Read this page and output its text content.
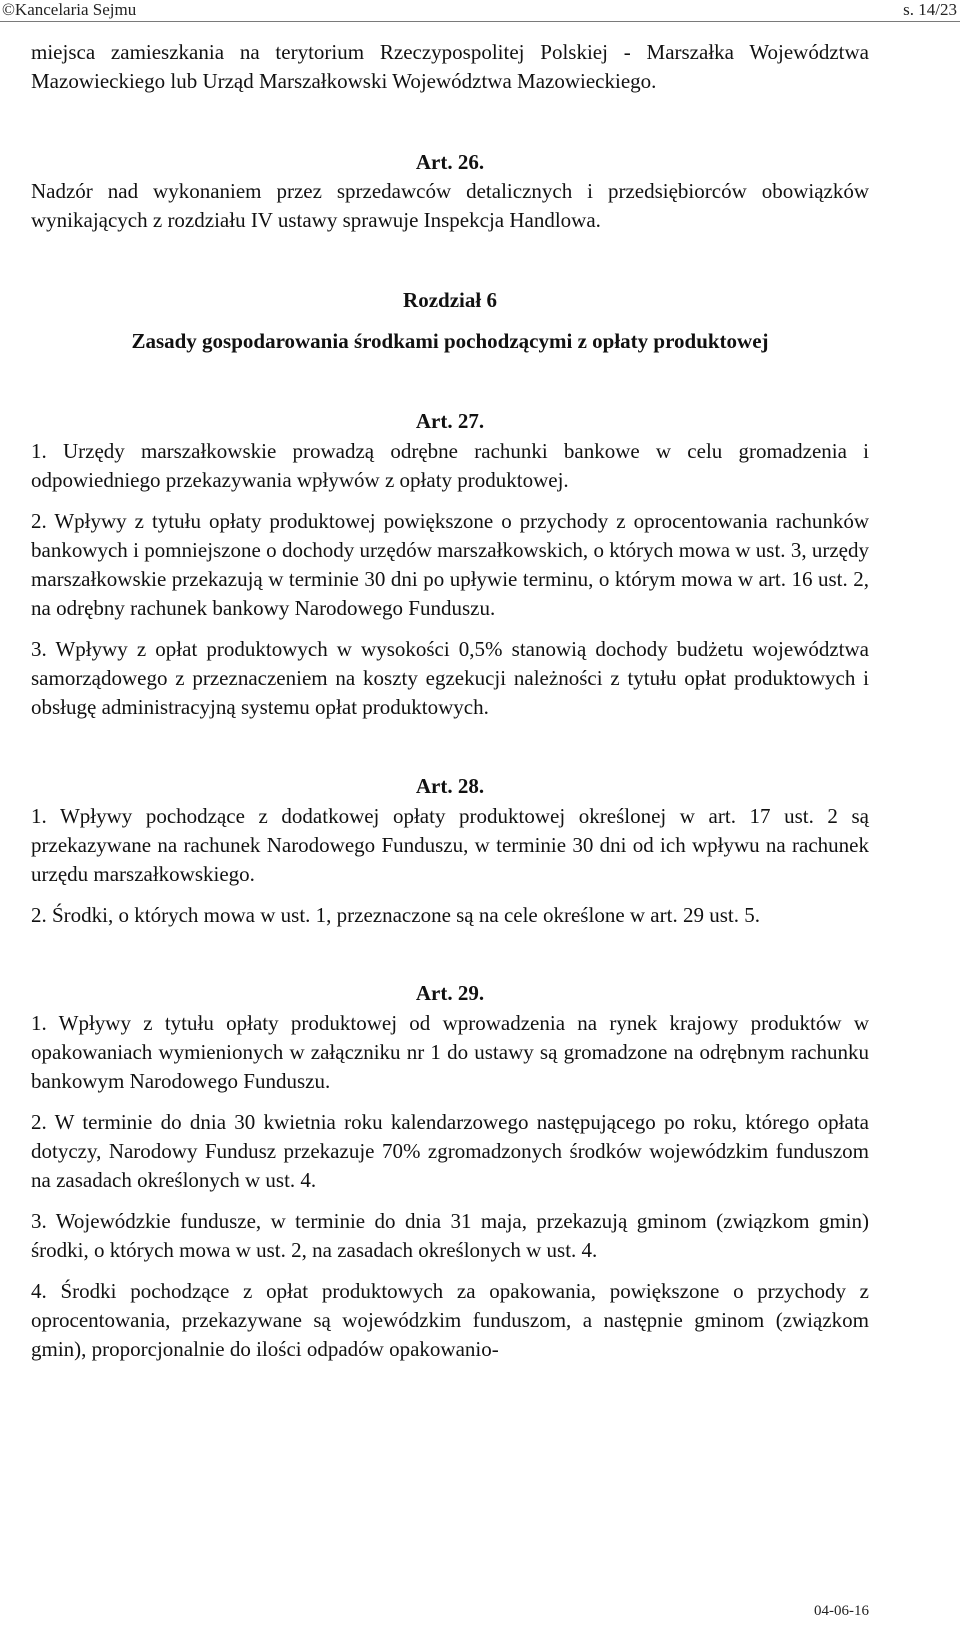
©Kancelaria Sejmu	s. 14/23

miejsca zamieszkania na terytorium Rzeczypospolitej Polskiej - Marszałka Województwa Mazowieckiego lub Urząd Marszałkowski Województwa Mazowieckiego.

Art. 26.

Nadzór nad wykonaniem przez sprzedawców detalicznych i przedsiębiorców obowiązków wynikających z rozdziału IV ustawy sprawuje Inspekcja Handlowa.

Rozdział 6

Zasady gospodarowania środkami pochodzącymi z opłaty produktowej

Art. 27.

1. Urzędy marszałkowskie prowadzą odrębne rachunki bankowe w celu gromadzenia i odpowiedniego przekazywania wpływów z opłaty produktowej.

2. Wpływy z tytułu opłaty produktowej powiększone o przychody z oprocentowania rachunków bankowych i pomniejszone o dochody urzędów marszałkowskich, o których mowa w ust. 3, urzędy marszałkowskie przekazują w terminie 30 dni po upływie terminu, o którym mowa w art. 16 ust. 2, na odrębny rachunek bankowy Narodowego Funduszu.

3. Wpływy z opłat produktowych w wysokości 0,5% stanowią dochody budżetu województwa samorządowego z przeznaczeniem na koszty egzekucji należności z tytułu opłat produktowych i obsługę administracyjną systemu opłat produktowych.

Art. 28.

1. Wpływy pochodzące z dodatkowej opłaty produktowej określonej w art. 17 ust. 2 są przekazywane na rachunek Narodowego Funduszu, w terminie 30 dni od ich wpływu na rachunek urzędu marszałkowskiego.

2. Środki, o których mowa w ust. 1, przeznaczone są na cele określone w art. 29 ust. 5.

Art. 29.

1. Wpływy z tytułu opłaty produktowej od wprowadzenia na rynek krajowy produktów w opakowaniach wymienionych w załączniku nr 1 do ustawy są gromadzone na odrębnym rachunku bankowym Narodowego Funduszu.

2. W terminie do dnia 30 kwietnia roku kalendarzowego następującego po roku, którego opłata dotyczy, Narodowy Fundusz przekazuje 70% zgromadzonych środków wojewódzkim funduszom na zasadach określonych w ust. 4.

3. Wojewódzkie fundusze, w terminie do dnia 31 maja, przekazują gminom (związkom gmin) środki, o których mowa w ust. 2, na zasadach określonych w ust. 4.

4. Środki pochodzące z opłat produktowych za opakowania, powiększone o przychody z oprocentowania, przekazywane są wojewódzkim funduszom, a następnie gminom (związkom gmin), proporcjonalnie do ilości odpadów opakowanio-

04-06-16
